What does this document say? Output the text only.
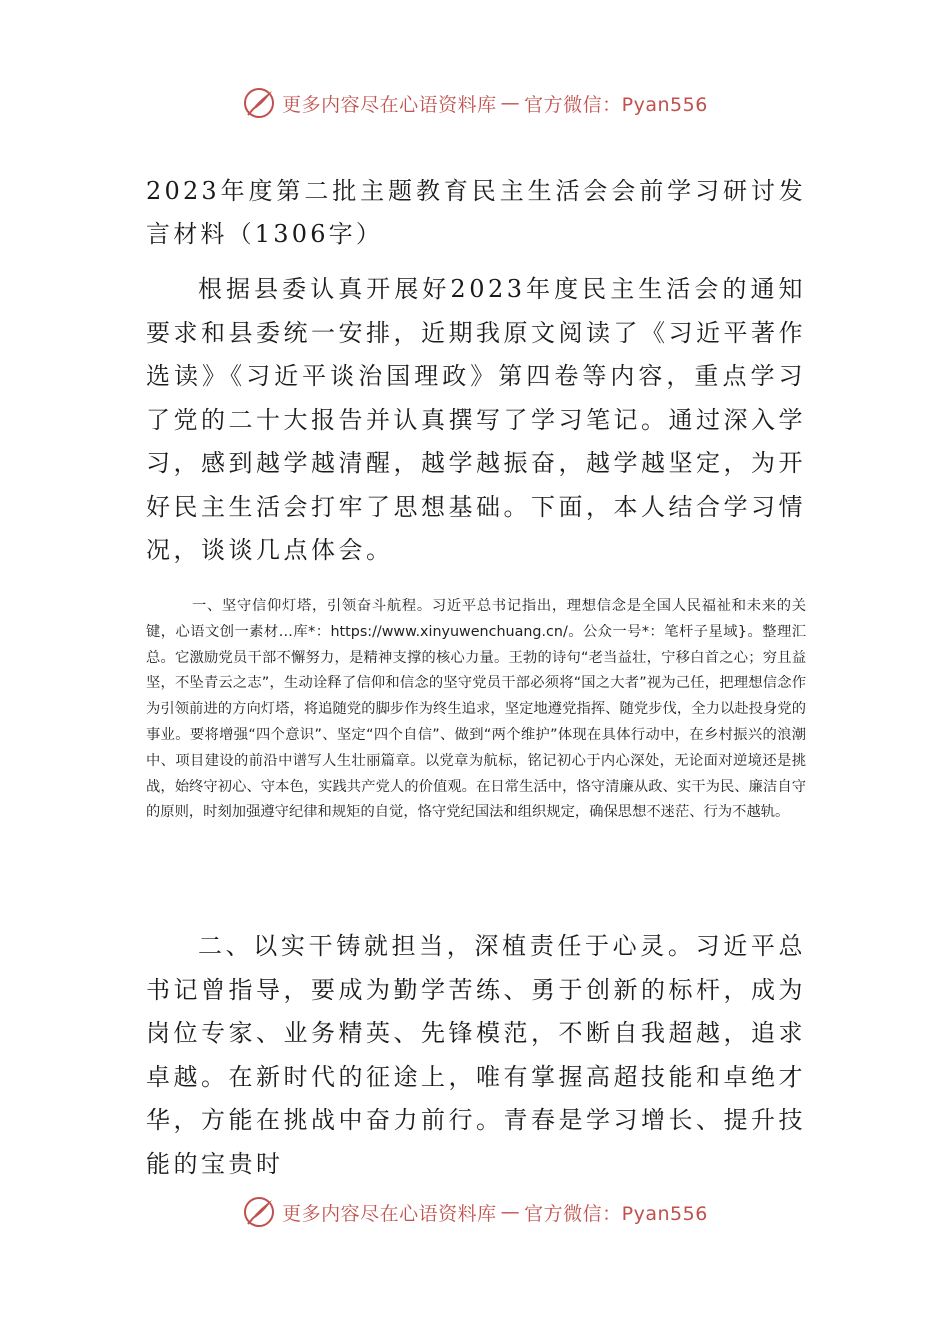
更多内容尽在心语资料库 — 官方微信：Pyan556
2023年度第二批主题教育民主生活会会前学习研讨发言材料（1306字）

根据县委认真开展好2023年度民主生活会的通知要求和县委统一安排，近期我原文阅读了《习近平著作选读》《习近平谈治国理政》第四卷等内容，重点学习了党的二十大报告并认真撰写了学习笔记。通过深入学习，感到越学越清醒，越学越振奋，越学越坚定，为开好民主生活会打牢了思想基础。下面，本人结合学习情况，谈谈几点体会。

一、坚守信仰灯塔，引领奋斗航程。习近平总书记指出，理想信念是全国人民福祉和未来的关键，心语文创一素材…库*：https://www.xinyuwenchuang.cn/。公众一号*：笔杆子星域}。整理汇总。它激励党员干部不懈努力，是精神支撑的核心力量。王勃的诗句“老当益壮，宁移白首之心；穷且益坚，不坠青云之志”，生动诠释了信仰和信念的坚守党员干部必须将“国之大者”视为己任，把理想信念作为引领前进的方向灯塔，将追随党的脚步作为终生追求，坚定地遵党指挥、随党步伐，全力以赴投身党的事业。要将增强“四个意识”、坚定“四个自信”、做到“两个维护”体现在具体行动中，在乡村振兴的浪潮中、项目建设的前沿中谱写人生壮丽篇章。以党章为航标，铭记初心于内心深处，无论面对逆境还是挑战，始终守初心、守本色，实践共产党人的价值观。在日常生活中，恪守清廉从政、实干为民、廉洁自守的原则，时刻加强遵守纪律和规矩的自觉，恪守党纪国法和组织规定，确保思想不迷茫、行为不越轨。

二、以实干铸就担当，深植责任于心灵。习近平总书记曾指导，要成为勤学苦练、勇于创新的标杆，成为岗位专家、业务精英、先锋模范，不断自我超越，追求卓越。在新时代的征途上，唯有掌握高超技能和卓绝才华，方能在挑战中奋力前行。青春是学习增长、提升技能的宝贵时

更多内容尽在心语资料库 — 官方微信：Pyan556
